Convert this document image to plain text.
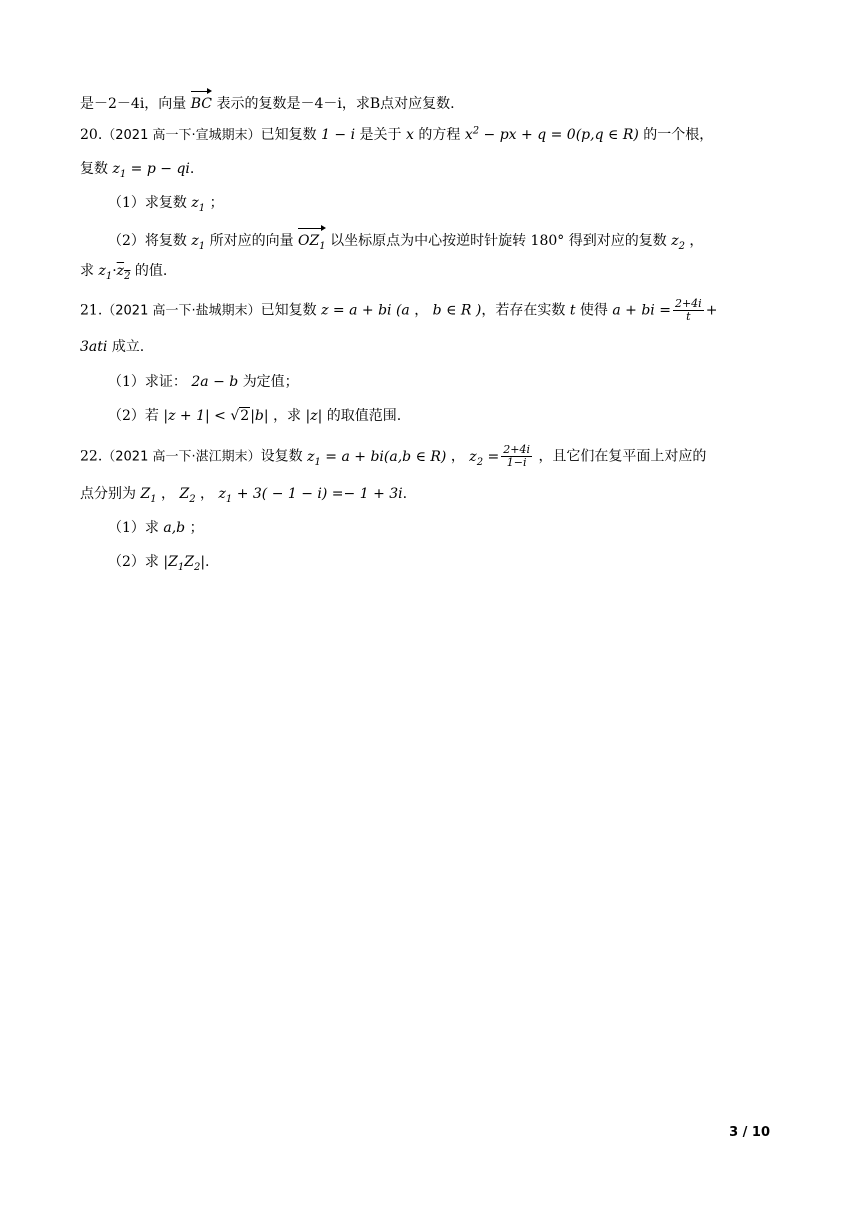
是－2－4i，向量 BC 表示的复数是－4－i，求B点对应复数.
20.（2021 高一下·宣城期末）已知复数 1 − i 是关于 x 的方程 $x^2$ − px + q = 0(p,q ∈ R) 的一个根，
复数 $z_1 = p$ − qi.
（1）求复数 $z_1$ ；
（2）将复数 $z_1$ 所对应的向量 $OZ_1$ 以坐标原点为中心按逆时针旋转 180° 得到对应的复数 $z_2$ ，
求 $z_1\cdot z_2$ 的值.
21.（2021 高一下·盐城期末）已知复数 z = a + bi (a ， b ∈ R )，若存在实数 t 使得 a + bi = $\frac{2+4i}{t}$ +
3ati 成立.
（1）求证： 2a − b 为定值；
（2）若 |z + 1| < √2|b| ，求 |z| 的取值范围.
22.（2021 高一下·湛江期末）设复数 $z_1 = a + bi(a,b$ ∈ R) ， $z_2 = \frac{2+4i}{1-i}$ ，且它们在复平面上对应的
点分别为 $Z_1$ ， $Z_2$ ， $z_1 + 3( - 1 - i) =- 1 + 3i$.
（1）求 a,b ；
（2）求 $|Z_1Z_2|$.
3 / 10
